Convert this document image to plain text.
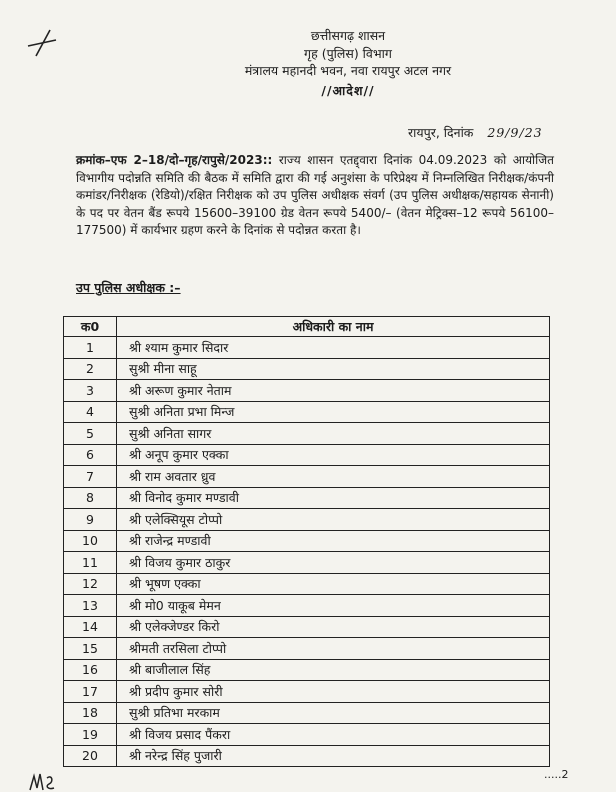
छत्तीसगढ़ शासन
गृह (पुलिस) विभाग
मंत्रालय महानदी भवन, नवा रायपुर अटल नगर
//आदेश//
रायपुर, दिनांक 29/9/23
क्रमांक–एफ 2–18/दो–गृह/रापुसे/2023:: राज्य शासन एतद्द्वारा दिनांक 04.09.2023 को आयोजित विभागीय पदोन्नति समिति की बैठक में समिति द्वारा की गई अनुशंसा के परिप्रेक्ष्य में निम्नलिखित निरीक्षक/कंपनी कमांडर/निरीक्षक (रेडियो)/रक्षित निरीक्षक को उप पुलिस अधीक्षक संवर्ग (उप पुलिस अधीक्षक/सहायक सेनानी) के पद पर वेतन बैंड रूपये 15600–39100 ग्रेड वेतन रूपये 5400/– (वेतन मेट्रिक्स–12 रूपये 56100–177500) में कार्यभार ग्रहण करने के दिनांक से पदोन्नत करता है।
उप पुलिस अधीक्षक :–
क0	अधिकारी का नाम
1	श्री श्याम कुमार सिदार
2	सुश्री मीना साहू
3	श्री अरूण कुमार नेताम
4	सुश्री अनिता प्रभा मिन्ज
5	सुश्री अनिता सागर
6	श्री अनूप कुमार एक्का
7	श्री राम अवतार ध्रुव
8	श्री विनोद कुमार मण्डावी
9	श्री एलेक्सियूस टोप्पो
10	श्री राजेन्द्र मण्डावी
11	श्री विजय कुमार ठाकुर
12	श्री भूषण एक्का
13	श्री मो0 याकूब मेमन
14	श्री एलेक्जेण्डर किरो
15	श्रीमती तरसिला टोप्पो
16	श्री बाजीलाल सिंह
17	श्री प्रदीप कुमार सोरी
18	सुश्री प्रतिभा मरकाम
19	श्री विजय प्रसाद पैंकरा
20	श्री नरेन्द्र सिंह पुजारी
.....2
